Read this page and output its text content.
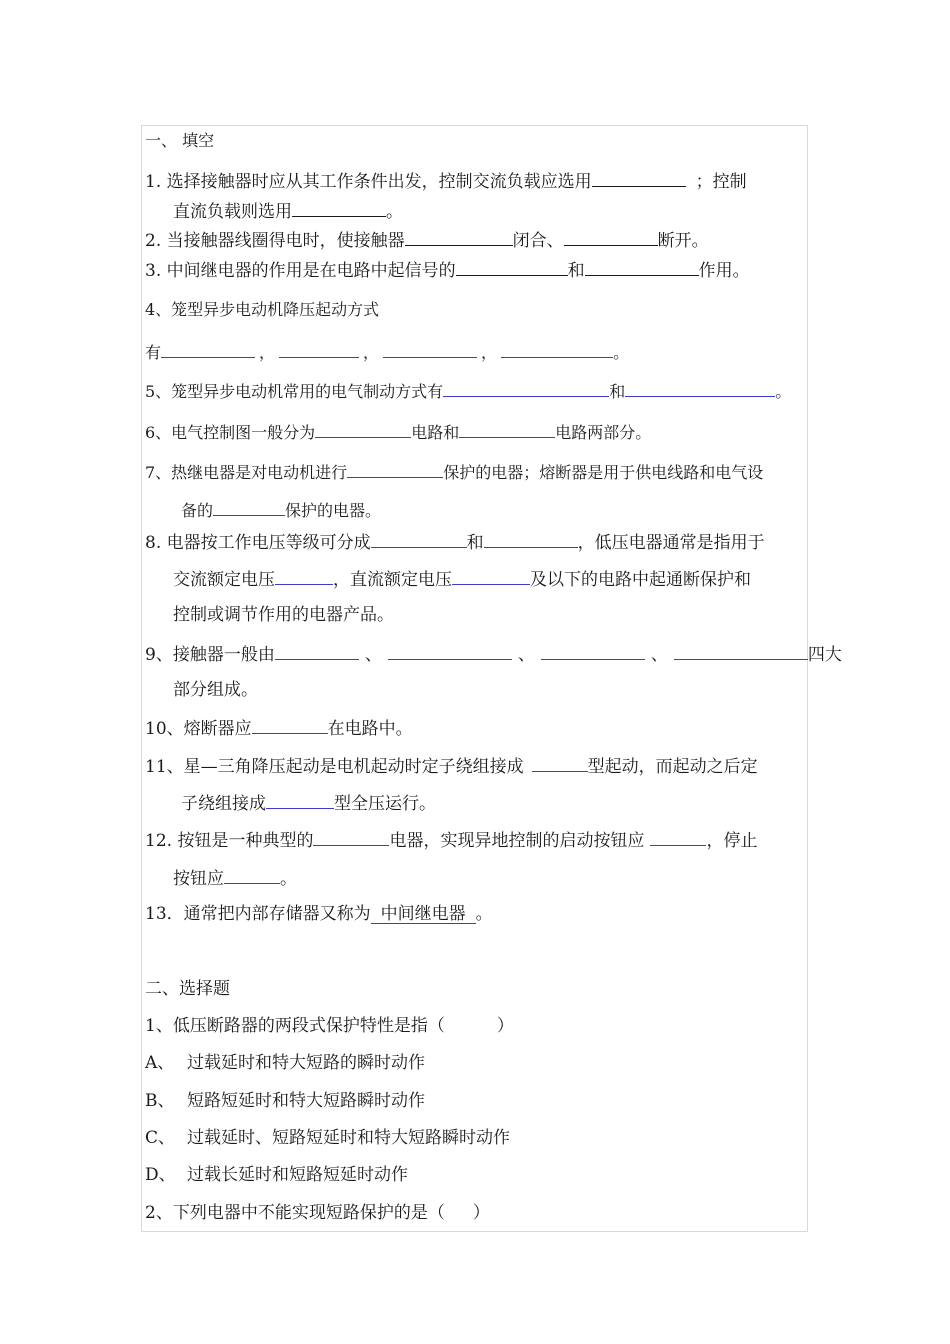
一、 填空
1. 选择接触器时应从其工作条件出发，控制交流负载应选用	；控制
直流负载则选用	。
2. 当接触器线圈得电时，使接触器	闭合、	断开。
3. 中间继电器的作用是在电路中起信号的	和	作用。
4、笼型异步电动机降压起动方式
有	，	，	，	。
5、笼型异步电动机常用的电气制动方式有	和	。
6、电气控制图一般分为	电路和	电路两部分。
7、热继电器是对电动机进行	保护的电器；熔断器是用于供电线路和电气设
备的	保护的电器。
8. 电器按工作电压等级可分成	和	，低压电器通常是指用于
交流额定电压	，直流额定电压	及以下的电路中起通断保护和
控制或调节作用的电器产品。
9、接触器一般由	、	、	、	四大
部分组成。
10、熔断器应	在电路中。
11、星—三角降压起动是电机起动时定子绕组接成	型起动，而起动之后定
子绕组接成	型全压运行。
12. 按钮是一种典型的	电器，实现异地控制的启动按钮应	，停止
按钮应	。
13．通常把内部存储器又称为 中间继电器 。
二、选择题
1、低压断路器的两段式保护特性是指（	）
A、 过载延时和特大短路的瞬时动作
B、 短路短延时和特大短路瞬时动作
C、 过载延时、短路短延时和特大短路瞬时动作
D、 过载长延时和短路短延时动作
2、下列电器中不能实现短路保护的是（ ）
